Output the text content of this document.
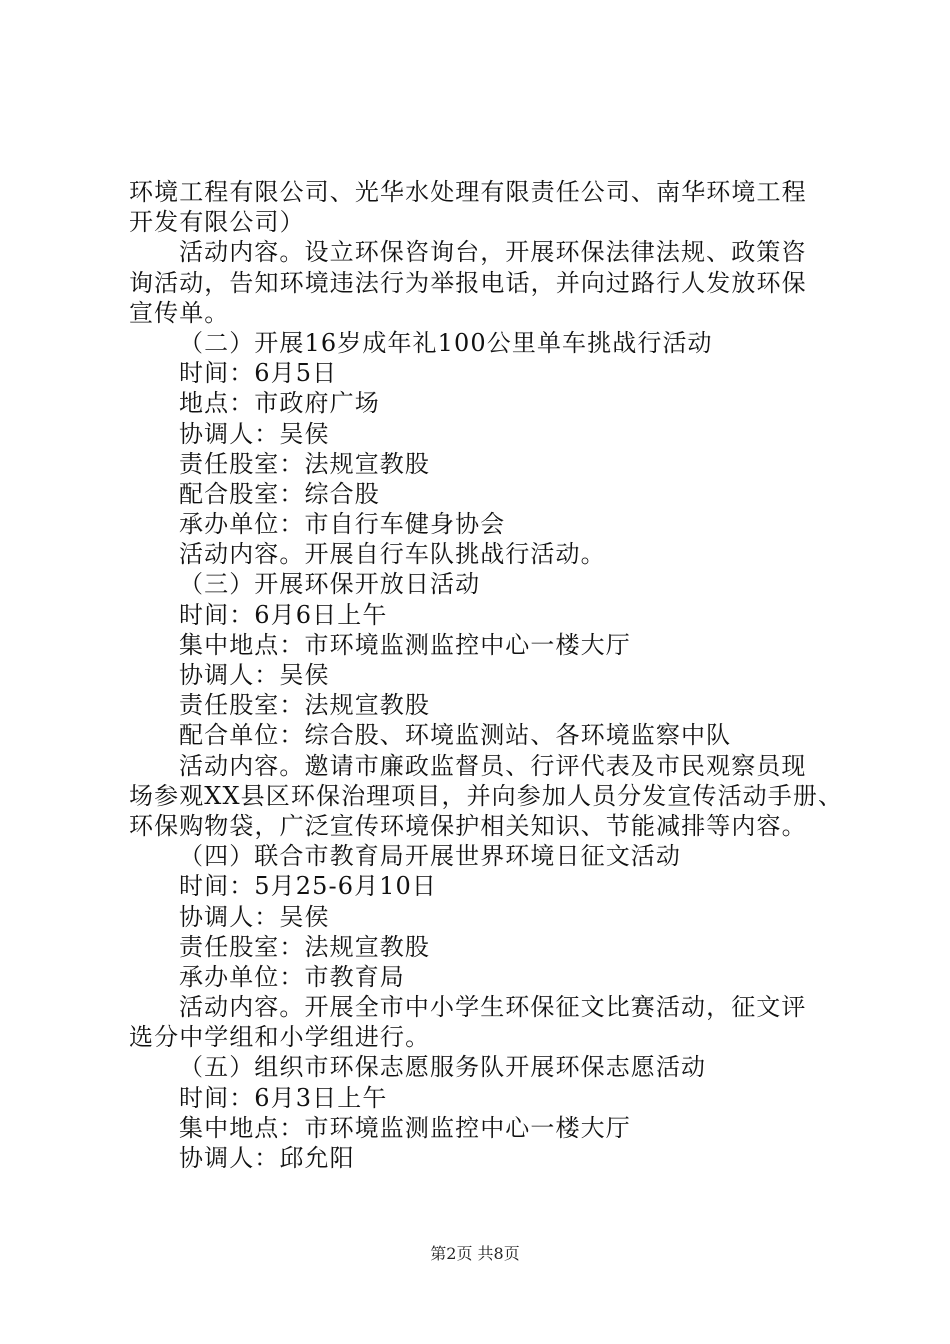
环境工程有限公司、光华水处理有限责任公司、南华环境工程
开发有限公司）
活动内容。设立环保咨询台，开展环保法律法规、政策咨
询活动，告知环境违法行为举报电话，并向过路行人发放环保
宣传单。
（二）开展16岁成年礼100公里单车挑战行活动
时间：6月5日
地点：市政府广场
协调人：吴侯
责任股室：法规宣教股
配合股室：综合股
承办单位：市自行车健身协会
活动内容。开展自行车队挑战行活动。
（三）开展环保开放日活动
时间：6月6日上午
集中地点：市环境监测监控中心一楼大厅
协调人：吴侯
责任股室：法规宣教股
配合单位：综合股、环境监测站、各环境监察中队
活动内容。邀请市廉政监督员、行评代表及市民观察员现
场参观XX县区环保治理项目，并向参加人员分发宣传活动手册、
环保购物袋，广泛宣传环境保护相关知识、节能减排等内容。
（四）联合市教育局开展世界环境日征文活动
时间：5月25-6月10日
协调人：吴侯
责任股室：法规宣教股
承办单位：市教育局
活动内容。开展全市中小学生环保征文比赛活动，征文评
选分中学组和小学组进行。
（五）组织市环保志愿服务队开展环保志愿活动
时间：6月3日上午
集中地点：市环境监测监控中心一楼大厅
协调人：邱允阳
第2页 共8页
